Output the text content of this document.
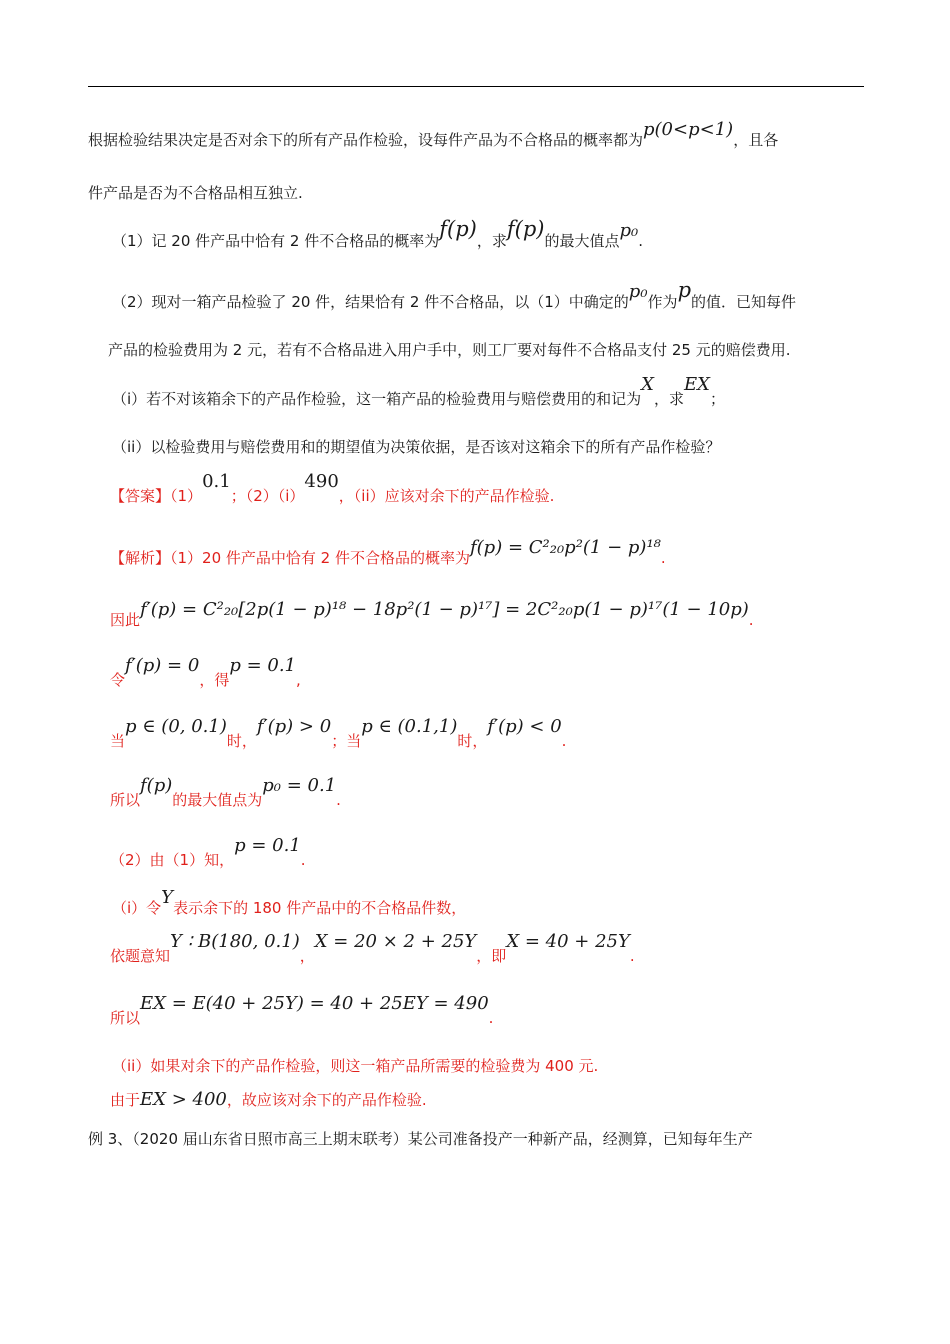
根据检验结果决定是否对余下的所有产品作检验，设每件产品为不合格品的概率都为p(0<p<1)，且各
件产品是否为不合格品相互独立.
（1）记 20 件产品中恰有 2 件不合格品的概率为f(p)，求f(p)的最大值点p₀.
（2）现对一箱产品检验了 20 件，结果恰有 2 件不合格品，以（1）中确定的p₀作为p的值．已知每件
产品的检验费用为 2 元，若有不合格品进入用户手中，则工厂要对每件不合格品支付 25 元的赔偿费用.
（i）若不对该箱余下的产品作检验，这一箱产品的检验费用与赔偿费用的和记为X，求EX；
（ii）以检验费用与赔偿费用和的期望值为决策依据，是否该对这箱余下的所有产品作检验？
【答案】（1）0.1；（2）（i）490，（ii）应该对余下的产品作检验.
【解析】（1）20 件产品中恰有 2 件不合格品的概率为f(p) = C²₂₀p²(1 − p)¹⁸.
因此f′(p) = C²₂₀[2p(1 − p)¹⁸ − 18p²(1 − p)¹⁷] = 2C²₂₀p(1 − p)¹⁷(1 − 10p).
令f′(p) = 0，得p = 0.1,
当p ∈ (0, 0.1)时，f′(p) > 0；当p ∈ (0.1,1)时，f′(p) < 0.
所以f(p)的最大值点为p₀ = 0.1.
（2）由（1）知，p = 0.1.
（i）令Y表示余下的 180 件产品中的不合格品件数，
依题意知Y ∶ B(180, 0.1)，X = 20 × 2 + 25Y，即X = 40 + 25Y.
所以EX = E(40 + 25Y) = 40 + 25EY = 490.
（ii）如果对余下的产品作检验，则这一箱产品所需要的检验费为 400 元.
由于EX > 400，故应该对余下的产品作检验.
例 3、（2020 届山东省日照市高三上期末联考）某公司准备投产一种新产品，经测算，已知每年生产
